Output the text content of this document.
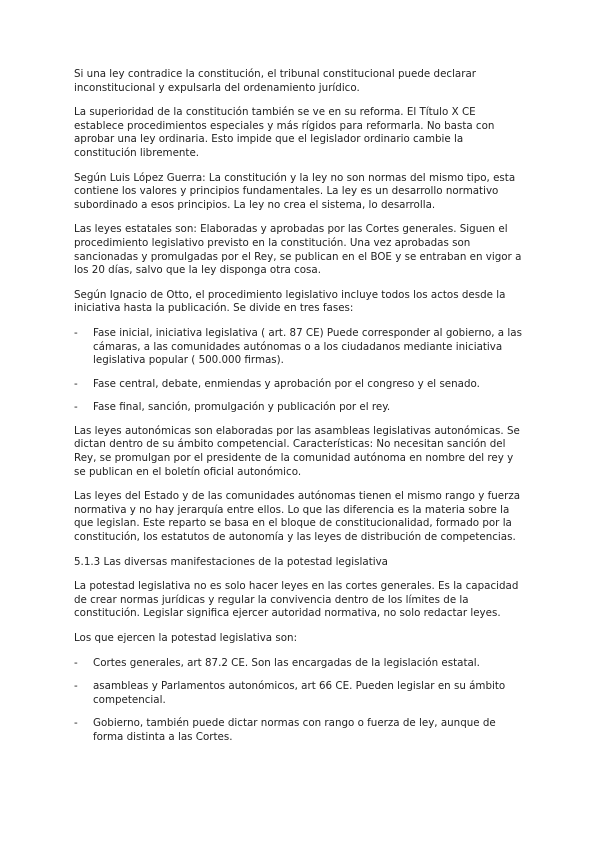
Si una ley contradice la constitución, el tribunal constitucional puede declarar inconstitucional y expulsarla del ordenamiento jurídico.

La superioridad de la constitución también se ve en su reforma. El Título X CE establece procedimientos especiales y más rígidos para reformarla. No basta con aprobar una ley ordinaria. Esto impide que el legislador ordinario cambie la constitución libremente.

Según Luis López Guerra: La constitución y la ley no son normas del mismo tipo, esta contiene los valores y principios fundamentales. La ley es un desarrollo normativo subordinado a esos principios. La ley no crea el sistema, lo desarrolla.

Las leyes estatales son: Elaboradas y aprobadas por las Cortes generales. Siguen el procedimiento legislativo previsto en la constitución. Una vez aprobadas son sancionadas y promulgadas por el Rey, se publican en el BOE y se entraban en vigor a los 20 días, salvo que la ley disponga otra cosa.

Según Ignacio de Otto, el procedimiento legislativo incluye todos los actos desde la iniciativa hasta la publicación. Se divide en tres fases:

- Fase inicial, iniciativa legislativa ( art. 87 CE) Puede corresponder al gobierno, a las cámaras, a las comunidades autónomas o a los ciudadanos mediante iniciativa legislativa popular ( 500.000 firmas).
- Fase central, debate, enmiendas y aprobación por el congreso y el senado.
- Fase final, sanción, promulgación y publicación por el rey.

Las leyes autonómicas son elaboradas por las asambleas legislativas autonómicas. Se dictan dentro de su ámbito competencial. Características: No necesitan sanción del Rey, se promulgan por el presidente de la comunidad autónoma en nombre del rey y se publican en el boletín oficial autonómico.

Las leyes del Estado y de las comunidades autónomas tienen el mismo rango y fuerza normativa y no hay jerarquía entre ellos. Lo que las diferencia es la materia sobre la que legislan. Este reparto se basa en el bloque de constitucionalidad, formado por la constitución, los estatutos de autonomía y las leyes de distribución de competencias.

5.1.3 Las diversas manifestaciones de la potestad legislativa

La potestad legislativa no es solo hacer leyes en las cortes generales. Es la capacidad de crear normas jurídicas y regular la convivencia dentro de los límites de la constitución. Legislar significa ejercer autoridad normativa, no solo redactar leyes.

Los que ejercen la potestad legislativa son:

- Cortes generales, art 87.2 CE. Son las encargadas de la legislación estatal.
- asambleas y Parlamentos autonómicos, art 66 CE. Pueden legislar en su ámbito competencial.
- Gobierno, también puede dictar normas con rango o fuerza de ley, aunque de forma distinta a las Cortes.
